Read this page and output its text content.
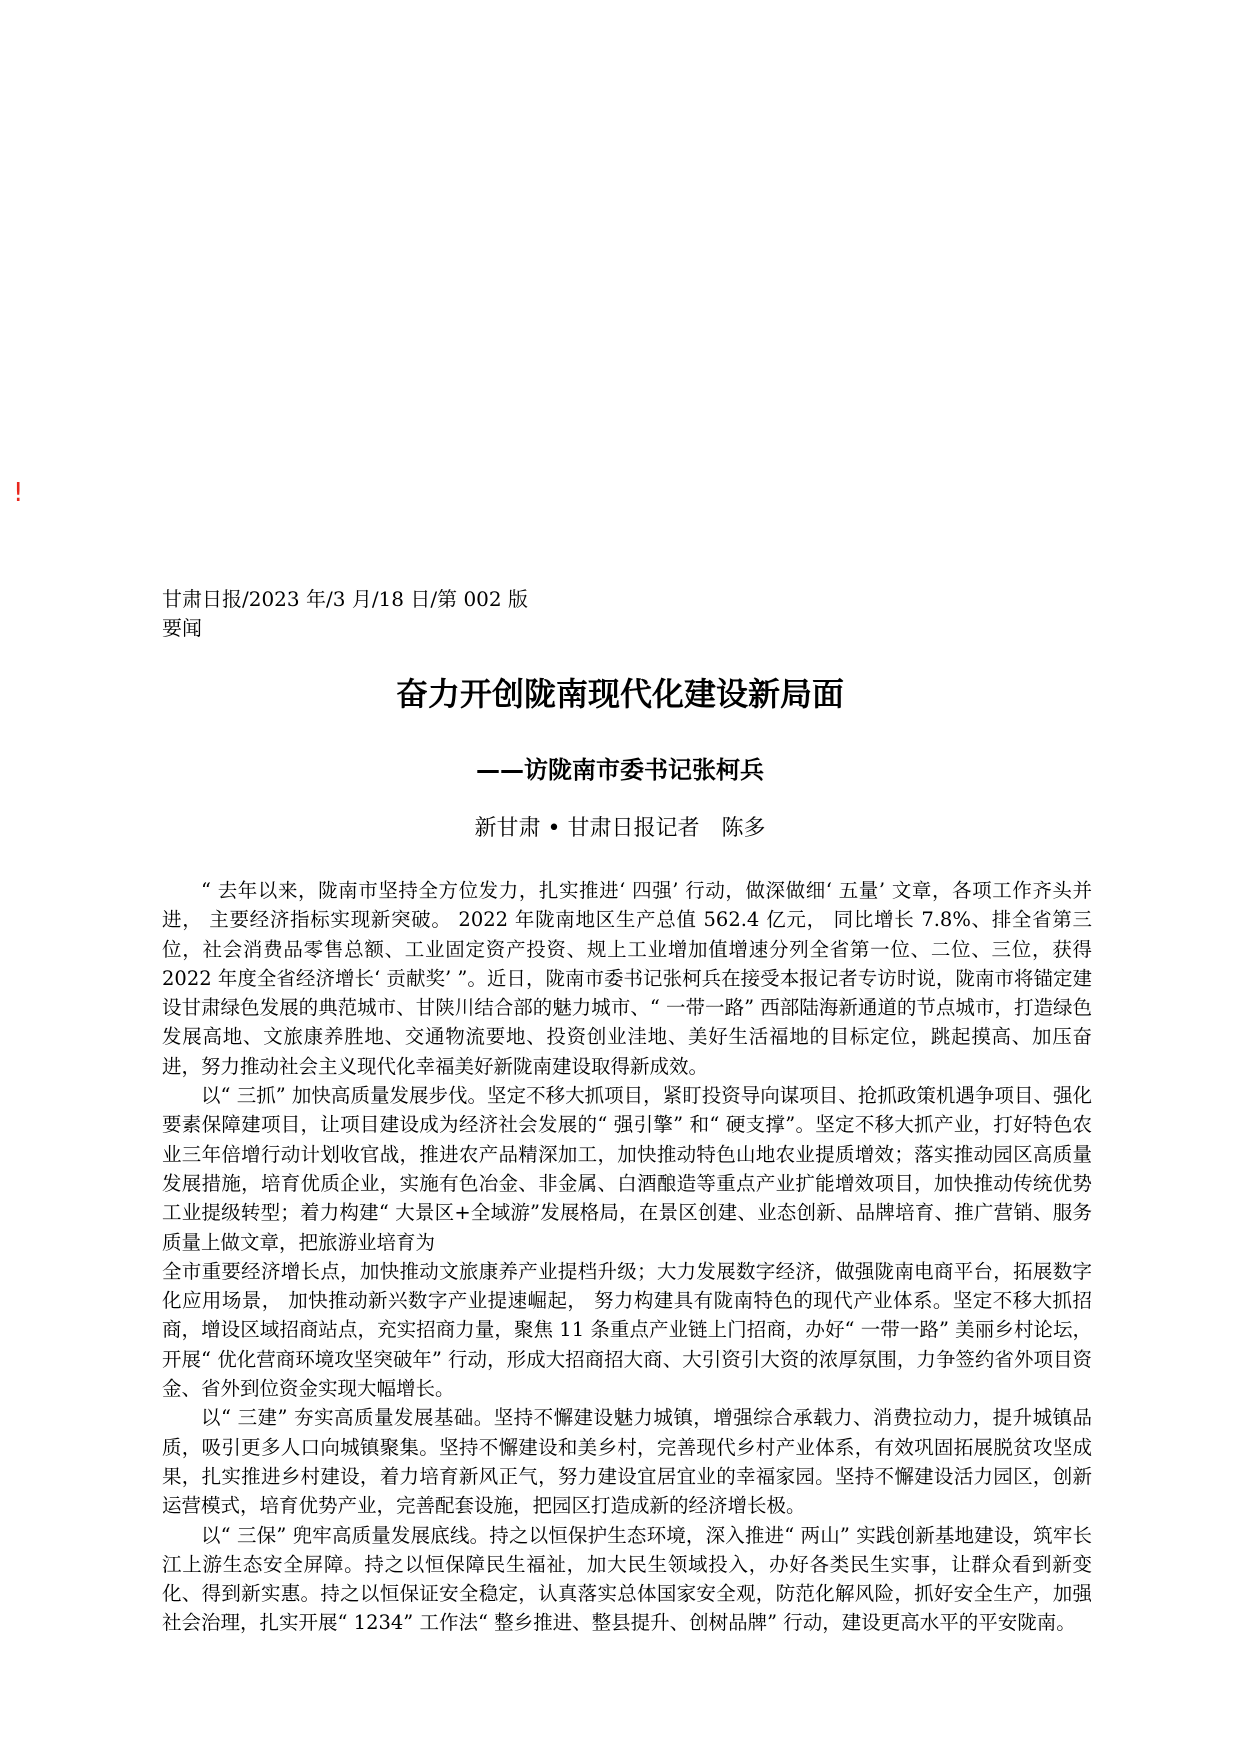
!
甘肃日报/2023 年/3 月/18 日/第 002 版要闻
奋力开创陇南现代化建设新局面
——访陇南市委书记张柯兵
新甘肃 • 甘肃日报记者　陈多

“ 去年以来，陇南市坚持全方位发力，扎实推进‘ 四强’ 行动，做深做细‘ 五量’ 文章，各项工作齐头并进， 主要经济指标实现新突破。 2022 年陇南地区生产总值 562.4 亿元， 同比增长 7.8%、排全省第三位，社会消费品零售总额、工业固定资产投资、规上工业增加值增速分列全省第一位、二位、三位，获得 2022 年度全省经济增长‘ 贡献奖’ ”。近日，陇南市委书记张柯兵在接受本报记者专访时说，陇南市将锚定建设甘肃绿色发展的典范城市、甘陕川结合部的魅力城市、“ 一带一路” 西部陆海新通道的节点城市，打造绿色发展高地、文旅康养胜地、交通物流要地、投资创业洼地、美好生活福地的目标定位，跳起摸高、加压奋进，努力推动社会主义现代化幸福美好新陇南建设取得新成效。

以“ 三抓” 加快高质量发展步伐。坚定不移大抓项目，紧盯投资导向谋项目、抢抓政策机遇争项目、强化要素保障建项目，让项目建设成为经济社会发展的“ 强引擎” 和“ 硬支撑”。坚定不移大抓产业，打好特色农业三年倍增行动计划收官战，推进农产品精深加工，加快推动特色山地农业提质增效；落实推动园区高质量发展措施，培育优质企业，实施有色冶金、非金属、白酒酿造等重点产业扩能增效项目，加快推动传统优势工业提级转型；着力构建“ 大景区+全域游”发展格局，在景区创建、业态创新、品牌培育、推广营销、服务质量上做文章，把旅游业培育为

全市重要经济增长点，加快推动文旅康养产业提档升级；大力发展数字经济，做强陇南电商平台，拓展数字化应用场景， 加快推动新兴数字产业提速崛起， 努力构建具有陇南特色的现代产业体系。坚定不移大抓招商，增设区域招商站点，充实招商力量，聚焦 11 条重点产业链上门招商，办好“ 一带一路” 美丽乡村论坛，开展“ 优化营商环境攻坚突破年” 行动，形成大招商招大商、大引资引大资的浓厚氛围，力争签约省外项目资金、省外到位资金实现大幅增长。

以“ 三建” 夯实高质量发展基础。坚持不懈建设魅力城镇，增强综合承载力、消费拉动力，提升城镇品质，吸引更多人口向城镇聚集。坚持不懈建设和美乡村，完善现代乡村产业体系，有效巩固拓展脱贫攻坚成果，扎实推进乡村建设，着力培育新风正气，努力建设宜居宜业的幸福家园。坚持不懈建设活力园区，创新运营模式，培育优势产业，完善配套设施，把园区打造成新的经济增长极。

以“ 三保” 兜牢高质量发展底线。持之以恒保护生态环境，深入推进“ 两山” 实践创新基地建设，筑牢长江上游生态安全屏障。持之以恒保障民生福祉，加大民生领域投入，办好各类民生实事，让群众看到新变化、得到新实惠。持之以恒保证安全稳定，认真落实总体国家安全观，防范化解风险，抓好安全生产，加强社会治理，扎实开展“ 1234” 工作法“ 整乡推进、整县提升、创树品牌” 行动，建设更高水平的平安陇南。
